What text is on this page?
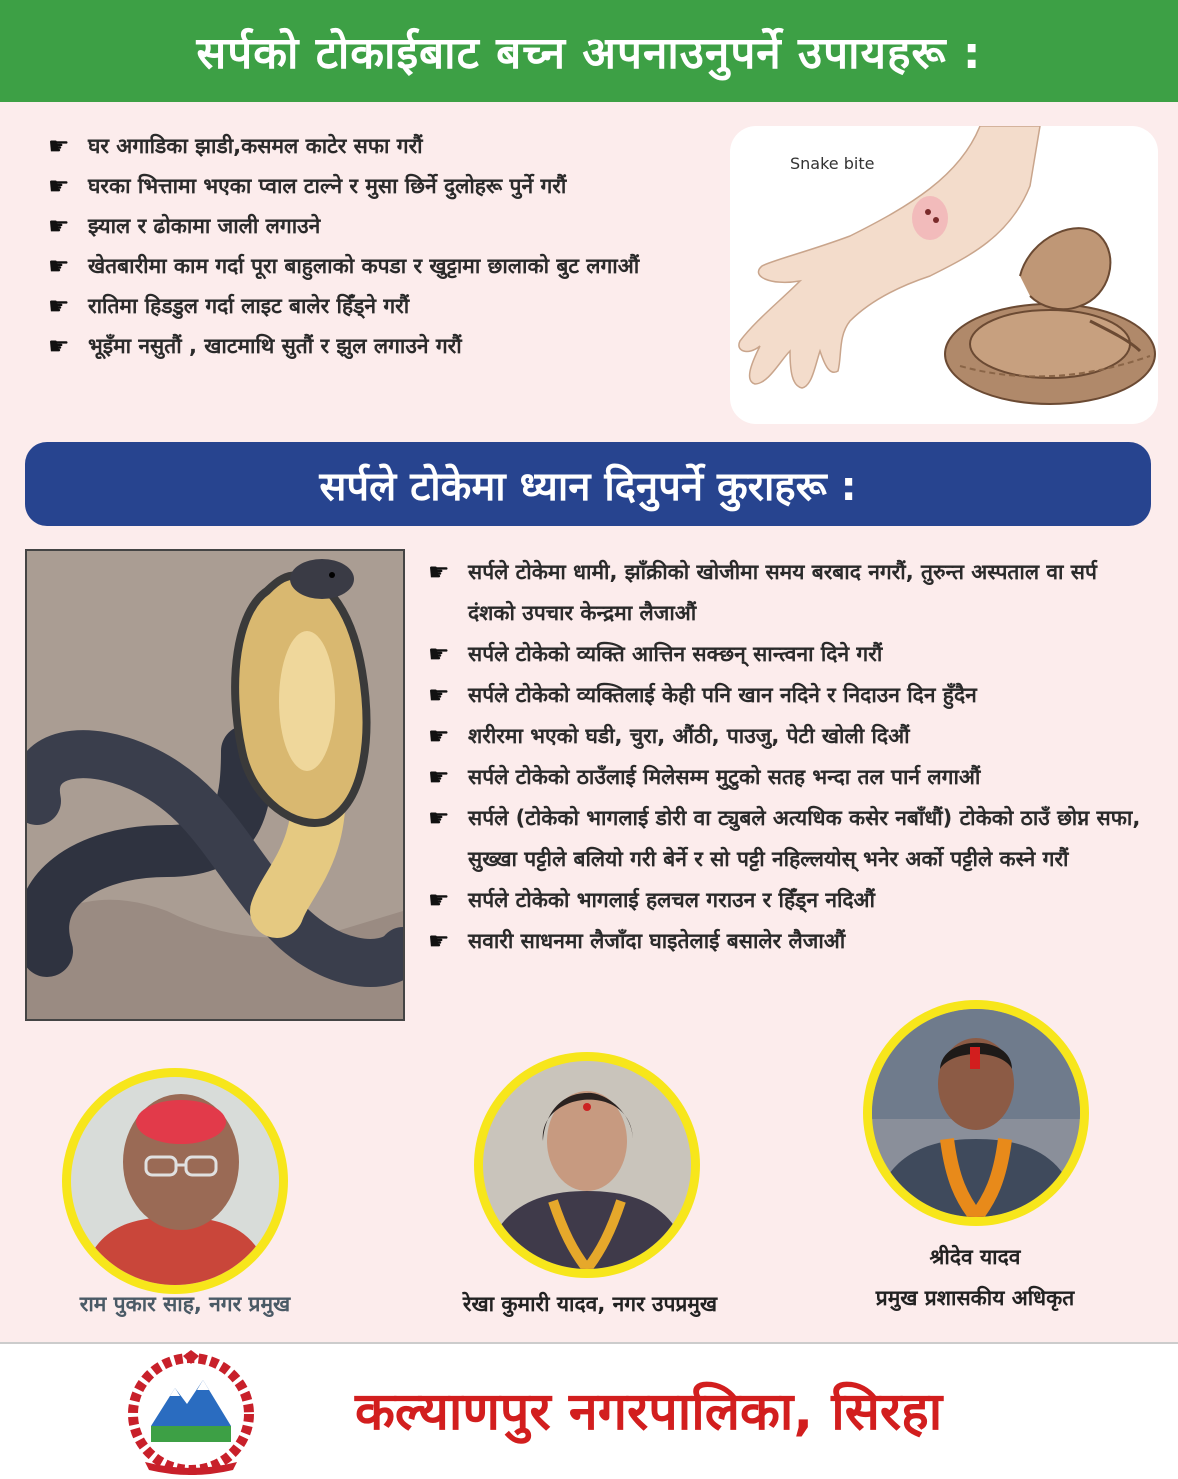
सर्पको टोकाईबाट बच्न अपनाउनुपर्ने उपायहरू :
☛ घर अगाडिका झाडी,कसमल काटेर सफा गरौं
☛ घरका भित्तामा भएका प्वाल टाल्ने र मुसा छिर्ने दुलोहरू पुर्ने गरौं
☛ झ्याल र ढोकामा जाली लगाउने
☛ खेतबारीमा काम गर्दा पूरा बाहुलाको कपडा र खुट्टामा छालाको बुट लगाऔं
☛ रातिमा हिडडुल गर्दा लाइट बालेर हिँड्ने गरौं
☛ भूइँमा नसुतौं , खाटमाथि सुतौं र झुल लगाउने गरौं
Snake bite
सर्पले टोकेमा ध्यान दिनुपर्ने कुराहरू :
☛ सर्पले टोकेमा धामी, झाँक्रीको खोजीमा समय बरबाद नगरौं, तुरुन्त अस्पताल वा सर्प दंशको उपचार केन्द्रमा लैजाऔं
☛ सर्पले टोकेको व्यक्ति आत्तिन सक्छन् सान्त्वना दिने गरौं
☛ सर्पले टोकेको व्यक्तिलाई केही पनि खान नदिने र निदाउन दिन हुँदैन
☛ शरीरमा भएको घडी, चुरा, औंठी, पाउजु, पेटी खोली दिऔं
☛ सर्पले टोकेको ठाउँलाई मिलेसम्म मुटुको सतह भन्दा तल पार्न लगाऔं
☛ सर्पले (टोकेको भागलाई डोरी वा ट्युबले अत्यधिक कसेर नबाँधौं) टोकेको ठाउँ छोप्न सफा, सुख्खा पट्टीले बलियो गरी बेर्ने र सो पट्टी नहिल्लयोस् भनेर अर्को पट्टीले कस्ने गरौं
☛ सर्पले टोकेको भागलाई हलचल गराउन र हिँड्न नदिऔं
☛ सवारी साधनमा लैजाँदा घाइतेलाई बसालेर लैजाऔं
राम पुकार साह, नगर प्रमुख	रेखा कुमारी यादव, नगर उपप्रमुख
श्रीदेव यादव
प्रमुख प्रशासकीय अधिकृत
कल्याणपुर नगरपालिका, सिरहा
